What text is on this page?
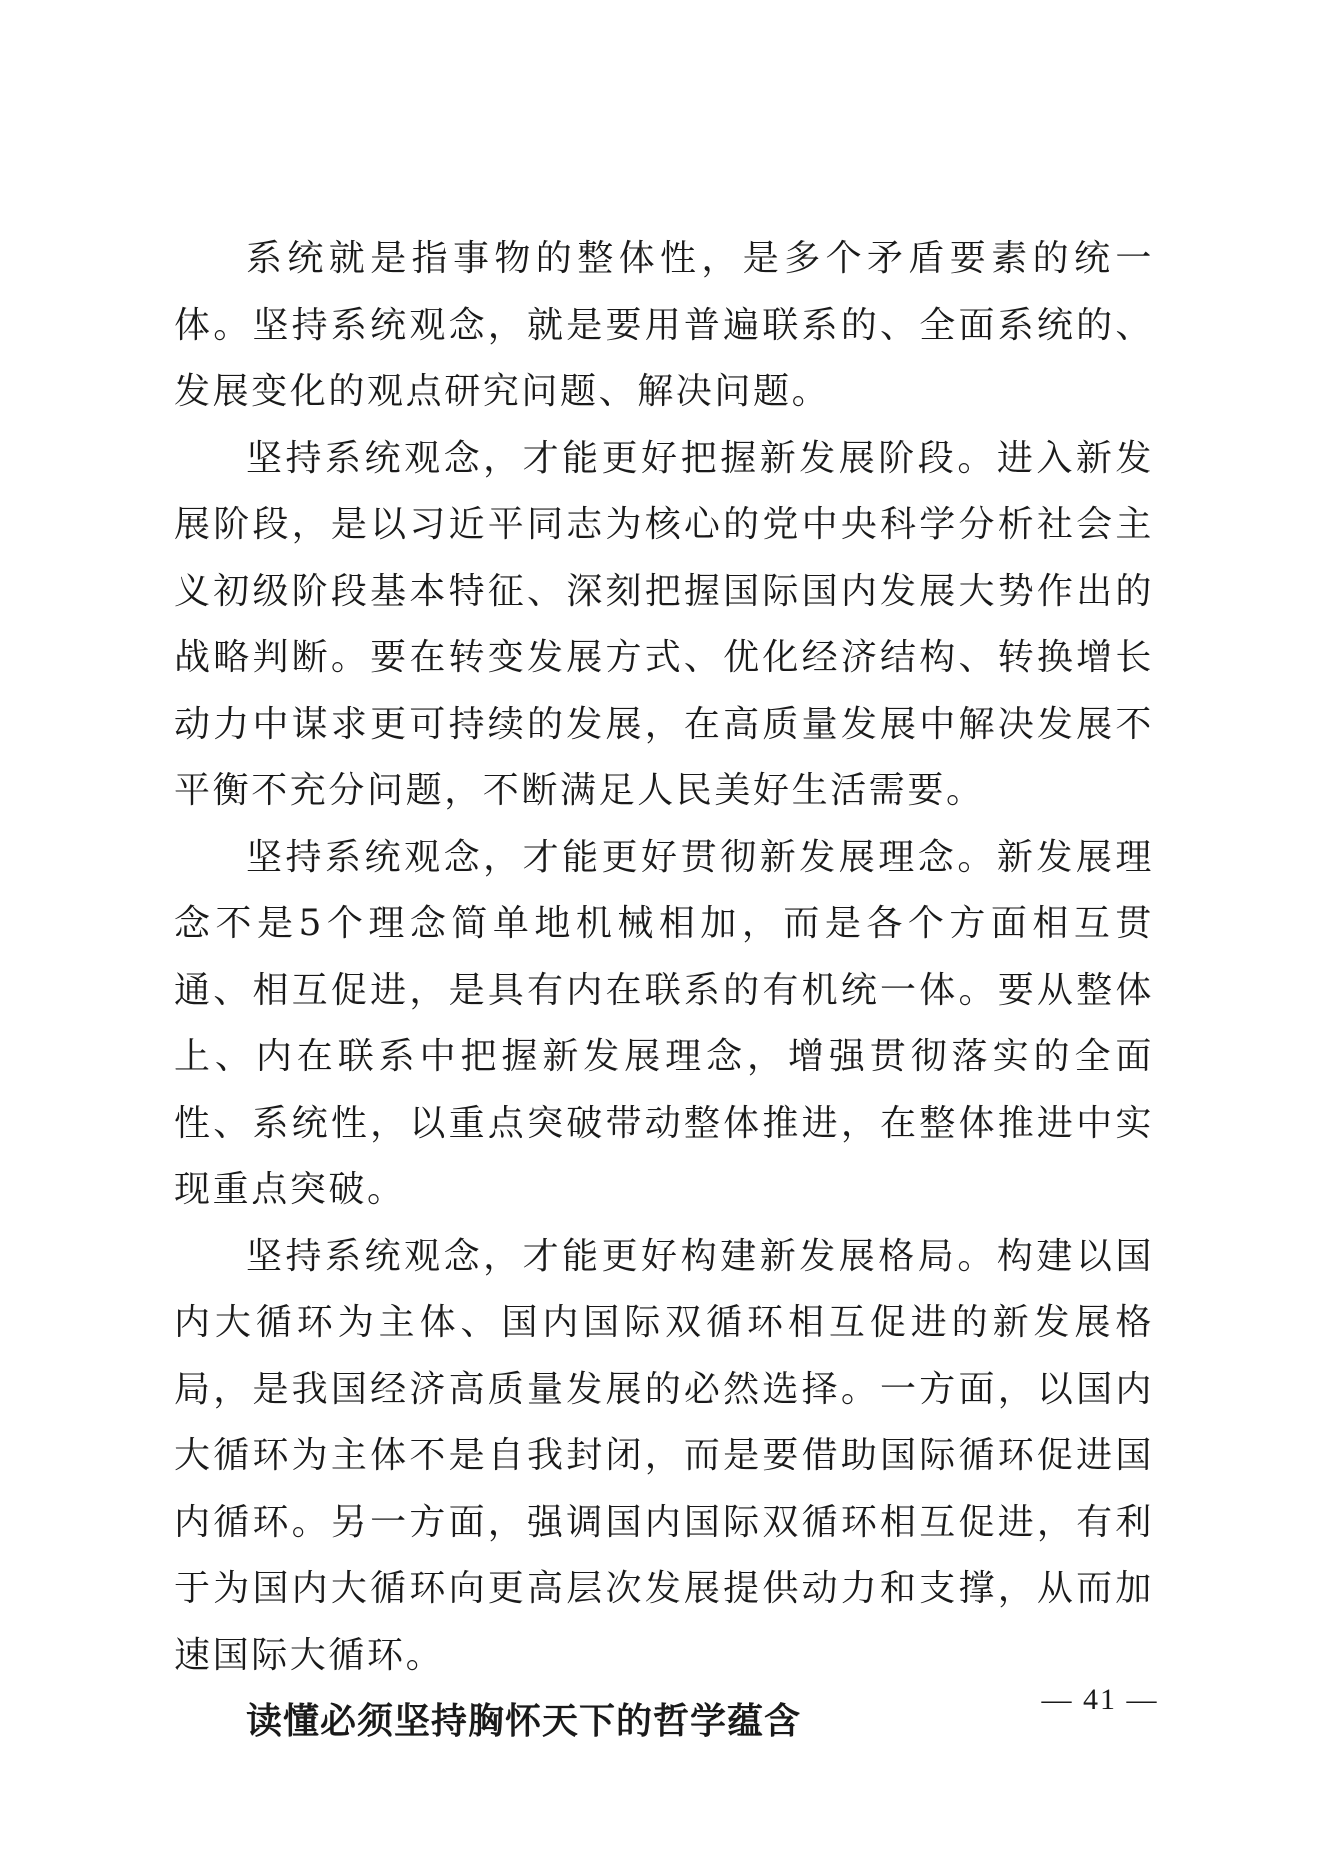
系统就是指事物的整体性，是多个矛盾要素的统一体。坚持系统观念，就是要用普遍联系的、全面系统的、发展变化的观点研究问题、解决问题。

坚持系统观念，才能更好把握新发展阶段。进入新发展阶段，是以习近平同志为核心的党中央科学分析社会主义初级阶段基本特征、深刻把握国际国内发展大势作出的战略判断。要在转变发展方式、优化经济结构、转换增长动力中谋求更可持续的发展，在高质量发展中解决发展不平衡不充分问题，不断满足人民美好生活需要。

坚持系统观念，才能更好贯彻新发展理念。新发展理念不是5个理念简单地机械相加，而是各个方面相互贯通、相互促进，是具有内在联系的有机统一体。要从整体上、内在联系中把握新发展理念，增强贯彻落实的全面性、系统性，以重点突破带动整体推进，在整体推进中实现重点突破。

坚持系统观念，才能更好构建新发展格局。构建以国内大循环为主体、国内国际双循环相互促进的新发展格局，是我国经济高质量发展的必然选择。一方面，以国内大循环为主体不是自我封闭，而是要借助国际循环促进国内循环。另一方面，强调国内国际双循环相互促进，有利于为国内大循环向更高层次发展提供动力和支撑，从而加速国际大循环。

读懂必须坚持胸怀天下的哲学蕴含

— 41 —
